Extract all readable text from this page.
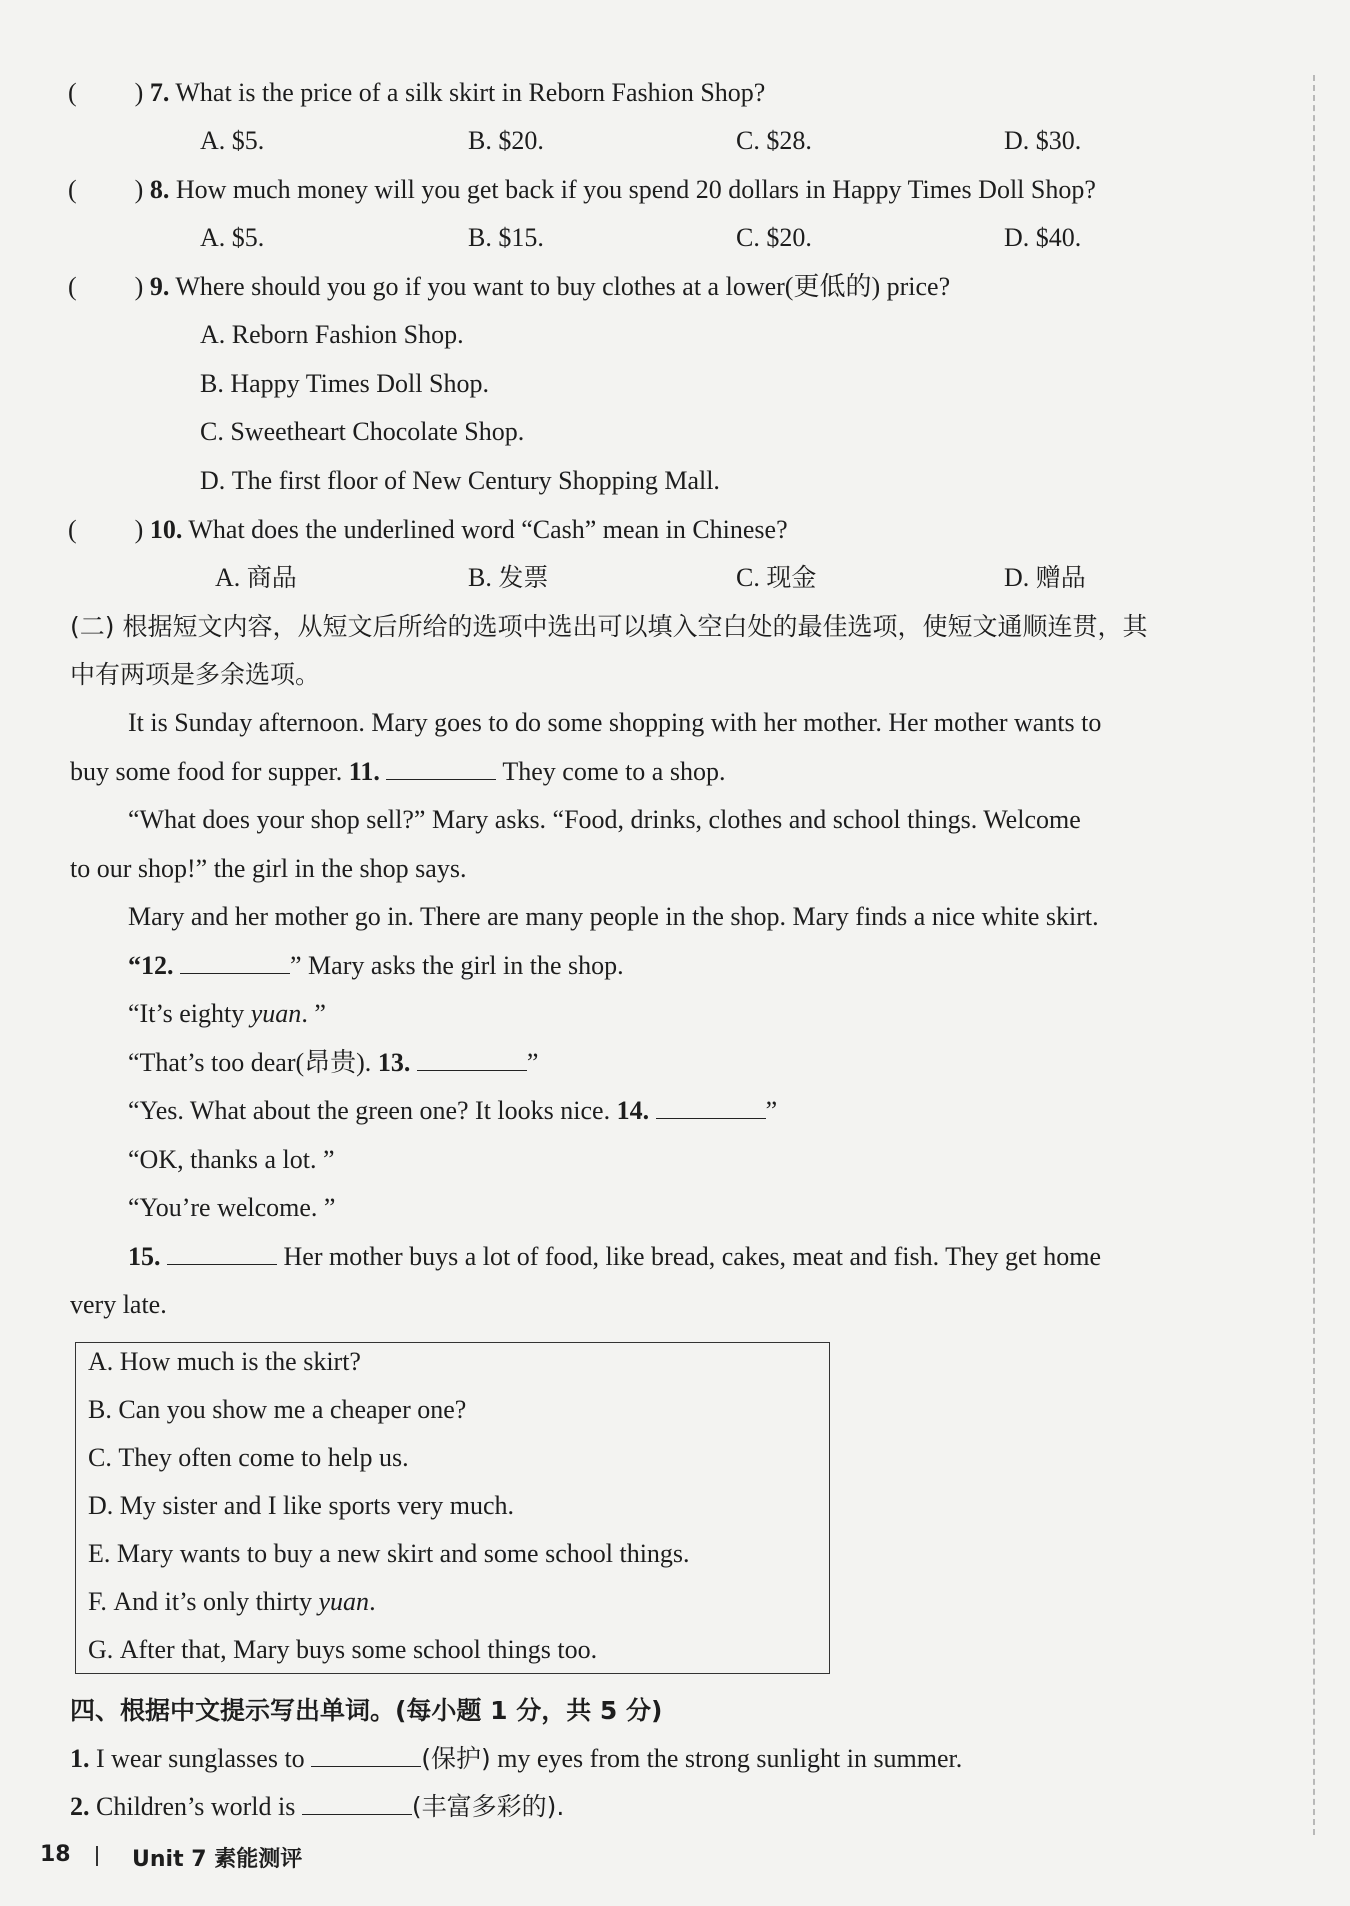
( ) 7. What is the price of a silk skirt in Reborn Fashion Shop?
A. $5.	B. $20.	C. $28.	D. $30.
( ) 8. How much money will you get back if you spend 20 dollars in Happy Times Doll Shop?
A. $5.	B. $15.	C. $20.	D. $40.
( ) 9. Where should you go if you want to buy clothes at a lower(更低的) price?
A. Reborn Fashion Shop.
B. Happy Times Doll Shop.
C. Sweetheart Chocolate Shop.
D. The first floor of New Century Shopping Mall.
( ) 10. What does the underlined word “Cash” mean in Chinese?
A. 商品	B. 发票	C. 现金	D. 赠品
(二) 根据短文内容，从短文后所给的选项中选出可以填入空白处的最佳选项，使短文通顺连贯，其
中有两项是多余选项。
It is Sunday afternoon. Mary goes to do some shopping with her mother. Her mother wants to
buy some food for supper. 11.	They come to a shop.
“What does your shop sell?” Mary asks. “Food, drinks, clothes and school things. Welcome
to our shop!” the girl in the shop says.
Mary and her mother go in. There are many people in the shop. Mary finds a nice white skirt.
“12.	” Mary asks the girl in the shop.
“It’s eighty yuan. ”
“That’s too dear(昂贵). 13.	”
“Yes. What about the green one? It looks nice. 14.	”
“OK, thanks a lot. ”
“You’re welcome. ”
15.	Her mother buys a lot of food, like bread, cakes, meat and fish. They get home
very late.
A. How much is the skirt?
B. Can you show me a cheaper one?
C. They often come to help us.
D. My sister and I like sports very much.
E. Mary wants to buy a new skirt and some school things.
F. And it’s only thirty yuan.
G. After that, Mary buys some school things too.
四、根据中文提示写出单词。(每小题 1 分，共 5 分)
1. I wear sunglasses to	(保护) my eyes from the strong sunlight in summer.
2. Children’s world is	(丰富多彩的).
18	Unit 7 素能测评
